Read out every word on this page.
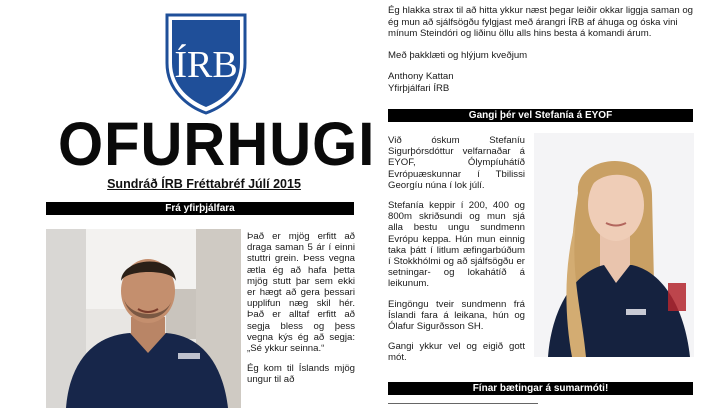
ÍRB
OFURHUGI
Sundráð ÍRB Fréttabréf Júlí 2015
Frá yfirþjálfara

Það er mjög erfitt að draga saman 5 ár í einni stuttri grein. Þess vegna ætla ég að hafa þetta mjög stutt þar sem ekki er hægt að gera þessari upplifun næg skil hér. Það er alltaf erfitt að segja bless og þess vegna kýs ég að segja: „Sé ykkur seinna.“

Ég kom til Íslands mjög ungur til að

Ég hlakka strax til að hitta ykkur næst þegar leiðir okkar liggja saman og ég mun að sjálfsögðu fylgjast með árangri ÍRB af áhuga og óska vini mínum Steindóri og liðinu öllu alls hins besta á komandi árum.

Með þakklæti og hlýjum kveðjum

Anthony Kattan

Yfirþjálfari ÍRB

Gangi þér vel Stefanía á EYOF

Við óskum Stefaníu Sigurþórsdóttur velfarnaðar á EYOF, Ólympíuhátíð Evrópuæskunnar í Tbilissi Georgíu núna í lok júlí.

Stefanía keppir í 200, 400 og 800m skriðsundi og mun sjá alla bestu ungu sundmenn Evrópu keppa. Hún mun einnig taka þátt í litlum æfingarbúðum í Stokkhólmi og að sjálfsögðu er setningar- og lokahátíð á leikunum.

Eingöngu tveir sundmenn frá Íslandi fara á leikana, hún og Ólafur Sigurðsson SH.

Gangi ykkur vel og eigið gott mót.

Fínar bætingar á sumarmóti!
